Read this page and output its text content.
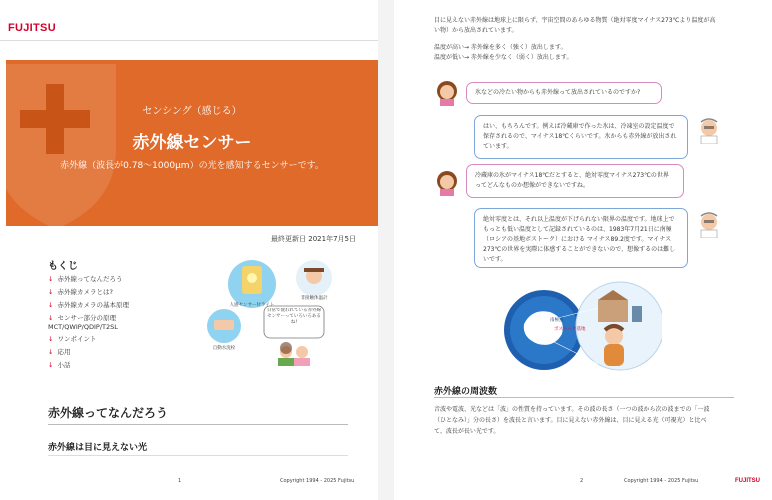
FUJITSU
センシング（感じる）
赤外線センサー
赤外線（波長が0.78〜1000μm）の光を感知するセンサーです。
最終更新日 2021年7月5日
もくじ
↓ 赤外線ってなんだろう
↓ 赤外線カメラとは?
↓ 赤外線カメラの基本原理
↓ センサー部分の原理
MCT/QWIP/QDIP/T2SL
↓ ワンポイント
↓ 応用
↓ 小話
人感センサー付ライト
非接触体温計
自動水洗栓
日常で使われている赤外線センサーっていろいろあるね!
赤外線ってなんだろう
赤外線は目に見えない光
1	Copyright 1994 - 2025 Fujitsu
目に見えない赤外線は地球上に限らず、宇宙空間のあらゆる物質（絶対零度マイナス273℃より温度が高
い物）から放出されています。
温度が高い→ 赤外線を多く（強く）放出します。
温度が低い→ 赤外線を少なく（弱く）放出します。
氷などの冷たい物からも赤外線って放出されているのですか?
はい、もちろんです。例えば冷蔵庫で作った氷は、冷凍室の設定温度で
保存されるので、マイナス18℃くらいです。氷からも赤外線が放出され
ています。
冷蔵庫の氷がマイナス18℃だとすると、絶対零度マイナス273℃の世界
ってどんなものか想像ができないですね。
絶対零度とは、それ以上温度が下げられない限界の温度です。地球上で
もっとも低い温度として記録されているのは、1983年7月21日に南極
（ロシアの基地ボストーク）における マイナス89.2度です。マイナス
273℃の世界を実際に体感することができないので、想像するのは難し
いです。
南極点
ボストーク基地
赤外線の周波数
音波や電波、光などは「波」の性質を持っています。その波の長さ（一つの波から次の波までの「一波
（ひとなみ）」分の長さ）を波長と言います。目に見えない赤外線は、目に見える光（可視光）と比べ
て、波長が長い光です。
2	Copyright 1994 - 2025 Fujitsu	FUJITSU
